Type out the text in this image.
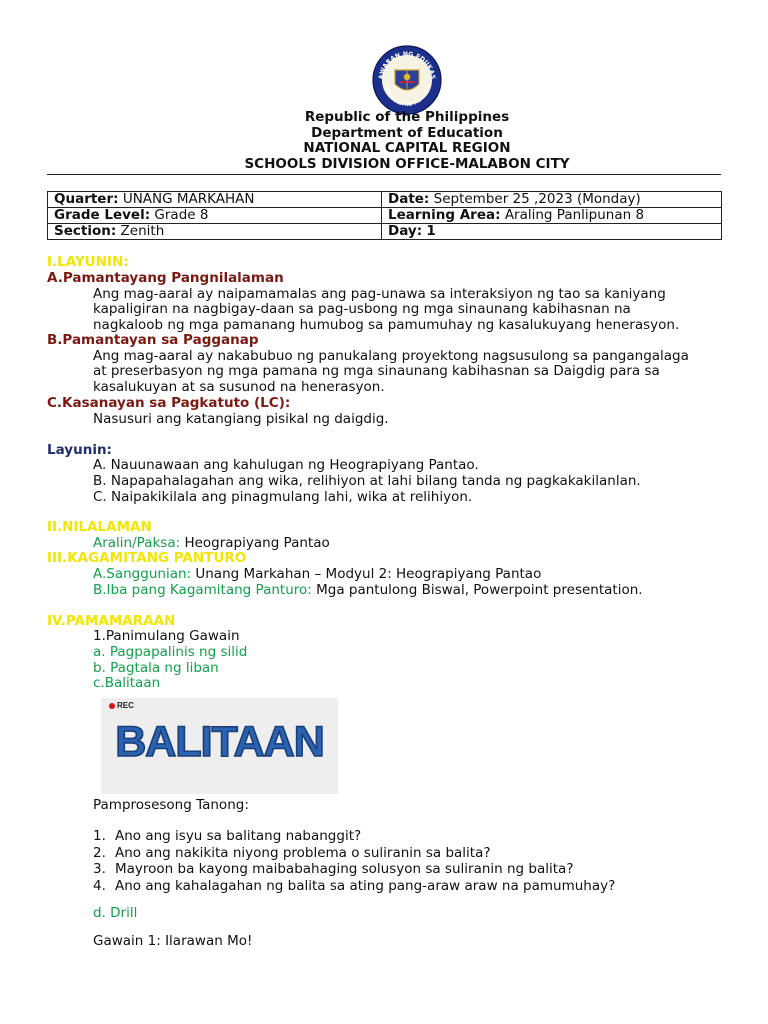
AWARAN NG EDUKAS
REPUBLIKA NG PILIPINAS
Republic of the Philippines
Department of Education
NATIONAL CAPITAL REGION
SCHOOLS DIVISION OFFICE-MALABON CITY
Quarter: UNANG MARKAHAN	Date: September 25 ,2023 (Monday)
Grade Level: Grade 8	Learning Area: Araling Panlipunan 8
Section: Zenith	Day: 1
I.LAYUNIN:
A.Pamantayang Pangnilalaman
Ang mag-aaral ay naipamamalas ang pag-unawa sa interaksiyon ng tao sa kaniyang
kapaligiran na nagbigay-daan sa pag-usbong ng mga sinaunang kabihasnan na
nagkaloob ng mga pamanang humubog sa pamumuhay ng kasalukuyang henerasyon.
B.Pamantayan sa Pagganap
Ang mag-aaral ay nakabubuo ng panukalang proyektong nagsusulong sa pangangalaga
at preserbasyon ng mga pamana ng mga sinaunang kabihasnan sa Daigdig para sa
kasalukuyan at sa susunod na henerasyon.
C.Kasanayan sa Pagkatuto (LC):
Nasusuri ang katangiang pisikal ng daigdig.
Layunin:
A. Nauunawaan ang kahulugan ng Heograpiyang Pantao.
B. Napapahalagahan ang wika, relihiyon at lahi bilang tanda ng pagkakakilanlan.
C. Naipakikilala ang pinagmulang lahi, wika at relihiyon.
II.NILALAMAN
Aralin/Paksa: Heograpiyang Pantao
III.KAGAMITANG PANTURO
A.Sanggunian: Unang Markahan – Modyul 2: Heograpiyang Pantao
B.Iba pang Kagamitang Panturo: Mga pantulong Biswal, Powerpoint presentation.
IV.PAMAMARAAN
1.Panimulang Gawain
a. Pagpapalinis ng silid
b. Pagtala ng liban
c.Balitaan
REC
BALITAAN
Pamprosesong Tanong:
1. Ano ang isyu sa balitang nabanggit?
2. Ano ang nakikita niyong problema o suliranin sa balita?
3. Mayroon ba kayong maibabahaging solusyon sa suliranin ng balita?
4. Ano ang kahalagahan ng balita sa ating pang-araw araw na pamumuhay?
d. Drill
Gawain 1: Ilarawan Mo!
